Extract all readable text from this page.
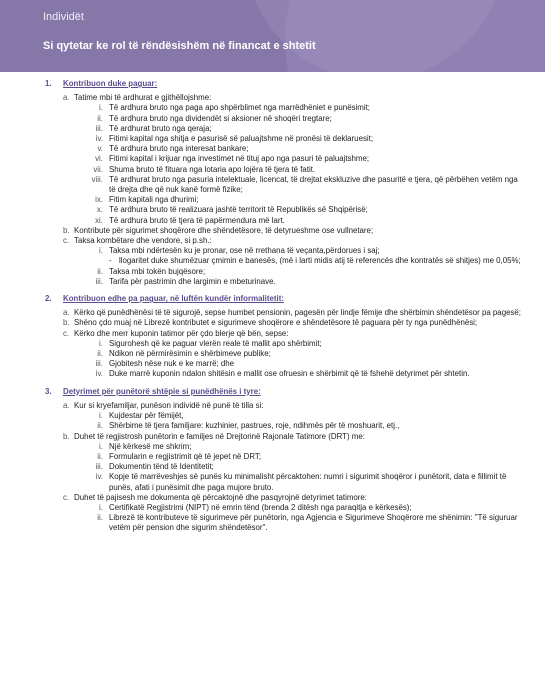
Individët
Si qytetar ke rol të rëndësishëm në financat e shtetit
1.	Kontribuon duke paguar:
a. Tatime mbi të ardhurat e gjithëllojshme:
i. Të ardhura bruto nga paga apo shpërblimet nga marrëdhëniet e punësimit;
ii. Të ardhura bruto nga dividendët si aksioner në shoqëri tregtare;
iii. Të ardhurat bruto nga qeraja;
iv. Fitimi kapital nga shitja e pasurisë së paluajtshme në pronësi të deklaruesit;
v. Të ardhura bruto nga interesat bankare;
vi. Fitimi kapital i krijuar nga investimet në tituj apo nga pasuri të paluajtshme;
vii. Shuma bruto të fituara nga lotaria apo lojëra të tjera të fatit.
viii. Të ardhurat bruto nga pasuria intelektuale, licencat, të drejtat ekskluzive dhe pasuritë e tjera, që përbëhen vetëm nga të drejta dhe që nuk kanë formë fizike;
ix. Fitim kapitali nga dhurimi;
x. Të ardhura bruto të realizuara jashtë territorit të Republikës së Shqipërisë;
xi. Të ardhura bruto të tjera të papërmendura më lart.
b. Kontribute për sigurimet shoqërore dhe shëndetësore, të detyrueshme ose vullnetare;
c. Taksa kombëtare dhe vendore, si p.sh.:
i. Taksa mbi ndërtesën ku je pronar, ose në rrethana të veçanta,përdorues i saj;
- llogaritet duke shumëzuar çmimin e banesës, (më i larti midis atij të referencës dhe kontratës së shitjes) me 0,05%;
ii. Taksa mbi tokën bujqësore;
iii. Tarifa për pastrimin dhe largimin e mbeturinave.
2.	Kontribuon edhe pa paguar, në luftën kundër informalitetit:
a. Kërko që punëdhënësi të të sigurojë, sepse humbet pensionin, pagesën për lindje fëmije dhe shërbimin shëndetësor pa pagesë;
b. Shëno çdo muaj në Librezë kontributet e sigurimeve shoqërore e shëndetësore të paguara për ty nga punëdhënësi;
c. Kërko dhe merr kuponin tatimor për çdo blerje që bën, sepse:
i. Sigurohesh që ke paguar vlerën reale të mallit apo shërbimit;
ii. Ndikon në përmirësimin e shërbimeve publike;
iii. Gjobitesh nëse nuk e ke marrë; dhe
iv. Duke marrë kuponin ndalon shitësin e mallit ose ofruesin e shërbimit që të fshehë detyrimet për shtetin.
3.	Detyrimet për punëtorë shtëpie si punëdhënës i tyre:
a. Kur si kryefamiljar, punëson individë në punë të tilla si:
i. Kujdestar për fëmijët,
ii. Shërbime të tjera familjare: kuzhinier, pastrues, roje, ndihmës për të moshuarit, etj.,
b. Duhet të regjistrosh punëtorin e familjes në Drejtorinë Rajonale Tatimore (DRT) me:
i. Një kërkesë me shkrim;
ii. Formularin e regjistrimit që të jepet në DRT;
iii. Dokumentin tënd të Identitetit;
iv. Kopje të marrëveshjes së punës ku minimalisht përcaktohen: numri i sigurimit shoqëror i punëtorit, data e fillimit të punës, afati i punësimit dhe paga mujore bruto.
c. Duhet të pajisesh me dokumenta që përcaktojnë dhe pasqyrojnë detyrimet tatimore:
i. Certifikatë Regjistrimi (NIPT) në emrin tënd (brenda 2 ditësh nga paraqitja e kërkesës);
ii. Librezë të kontributeve të sigurimeve për punëtorin, nga Agjencia e Sigurimeve Shoqërore me shënimin: "Të siguruar vetëm për pension dhe sigurim shëndetësor".
